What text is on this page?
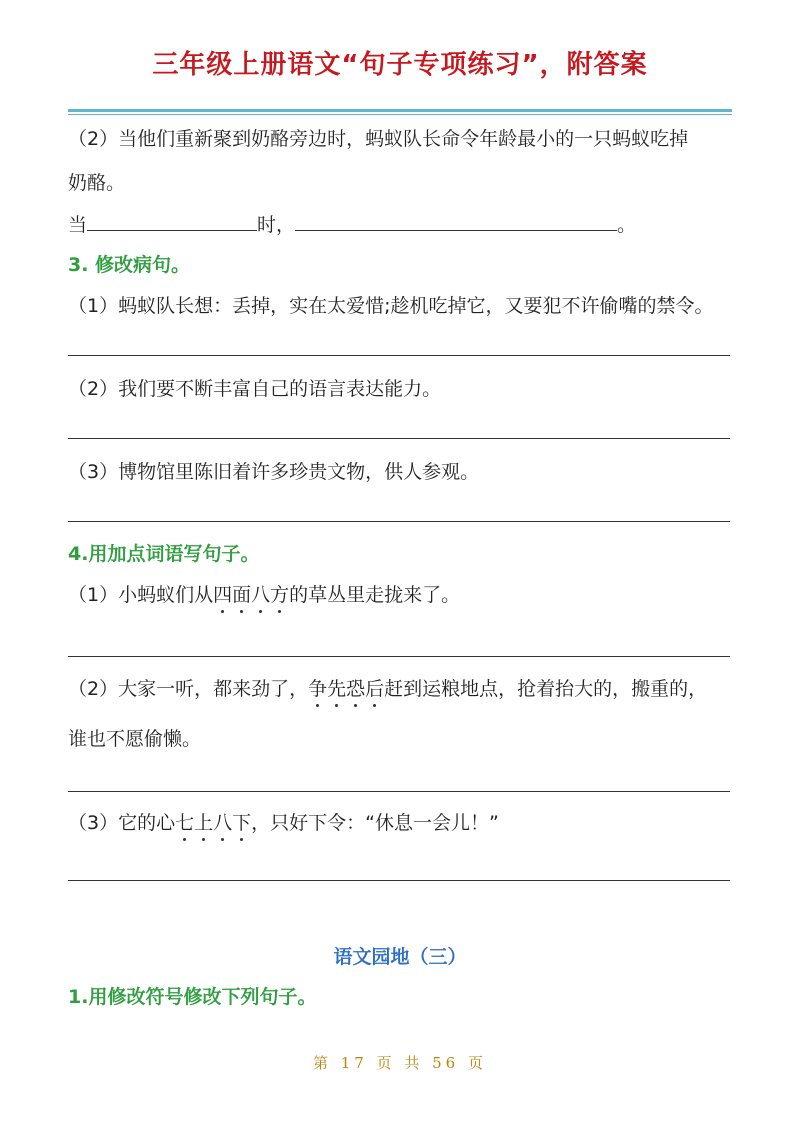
三年级上册语文“句子专项练习”，附答案
（2）当他们重新聚到奶酪旁边时，蚂蚁队长命令年龄最小的一只蚂蚁吃掉
奶酪。
当	时，	。
3. 修改病句。
（1）蚂蚁队长想：丢掉，实在太爱惜;趁机吃掉它，又要犯不许偷嘴的禁令。
（2）我们要不断丰富自己的语言表达能力。
（3）博物馆里陈旧着许多珍贵文物，供人参观。
4.用加点词语写句子。
（1）小蚂蚁们从四面八方的草丛里走拢来了。
（2）大家一听，都来劲了，争先恐后赶到运粮地点，抢着抬大的，搬重的，
谁也不愿偷懒。
（3）它的心七上八下，只好下令：“休息一会儿！”
语文园地（三）
1.用修改符号修改下列句子。
第 17 页 共 56 页
